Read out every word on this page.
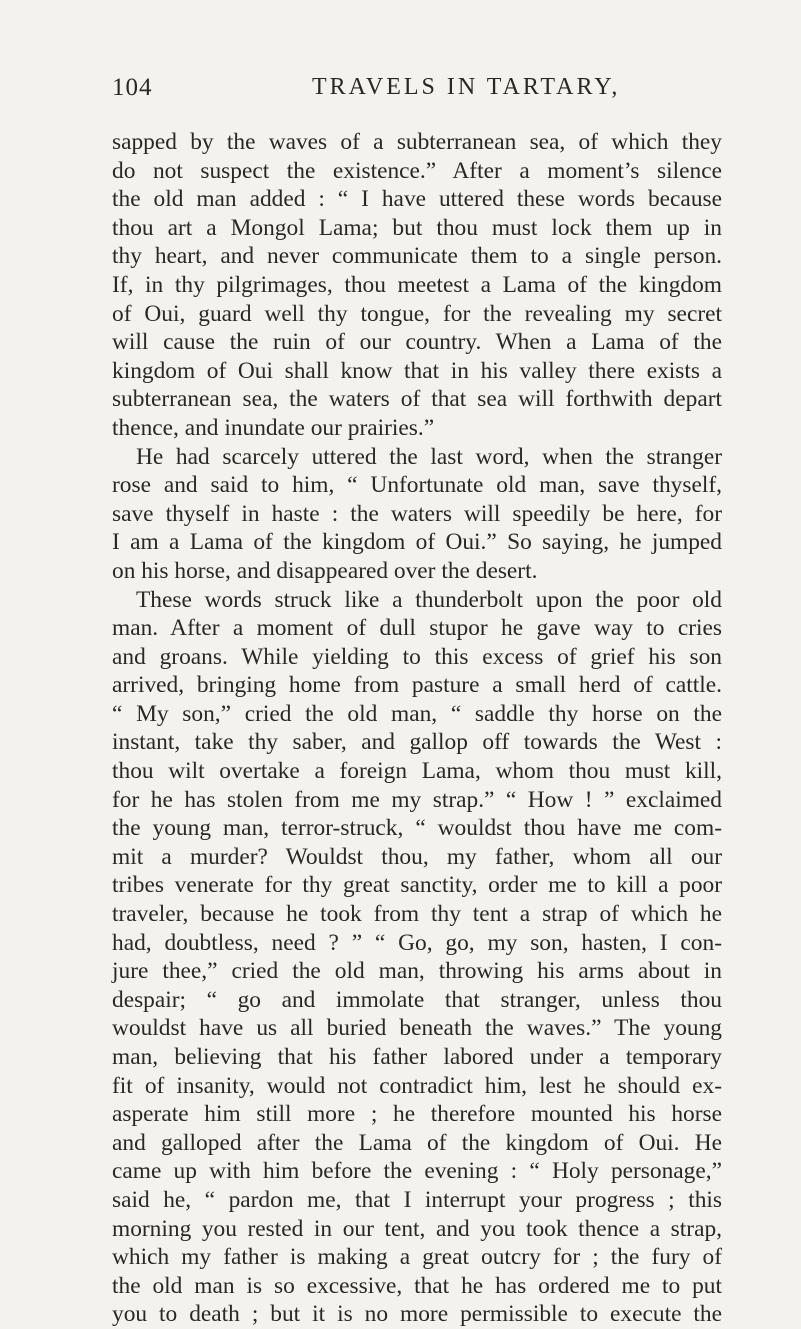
104	TRAVELS IN TARTARY,
sapped by the waves of a subterranean sea, of which they
do not suspect the existence.” After a moment’s silence
the old man added : “ I have uttered these words because
thou art a Mongol Lama; but thou must lock them up in
thy heart, and never communicate them to a single person.
If, in thy pilgrimages, thou meetest a Lama of the kingdom
of Oui, guard well thy tongue, for the revealing my secret
will cause the ruin of our country. When a Lama of the
kingdom of Oui shall know that in his valley there exists a
subterranean sea, the waters of that sea will forthwith depart
thence, and inundate our prairies.”
He had scarcely uttered the last word, when the stranger
rose and said to him, “ Unfortunate old man, save thyself,
save thyself in haste : the waters will speedily be here, for
I am a Lama of the kingdom of Oui.” So saying, he jumped
on his horse, and disappeared over the desert.
These words struck like a thunderbolt upon the poor old
man. After a moment of dull stupor he gave way to cries
and groans. While yielding to this excess of grief his son
arrived, bringing home from pasture a small herd of cattle.
“ My son,” cried the old man, “ saddle thy horse on the
instant, take thy saber, and gallop off towards the West :
thou wilt overtake a foreign Lama, whom thou must kill,
for he has stolen from me my strap.” “ How ! ” exclaimed
the young man, terror-struck, “ wouldst thou have me com-
mit a murder? Wouldst thou, my father, whom all our
tribes venerate for thy great sanctity, order me to kill a poor
traveler, because he took from thy tent a strap of which he
had, doubtless, need ? ” “ Go, go, my son, hasten, I con-
jure thee,” cried the old man, throwing his arms about in
despair; “ go and immolate that stranger, unless thou
wouldst have us all buried beneath the waves.” The young
man, believing that his father labored under a temporary
fit of insanity, would not contradict him, lest he should ex-
asperate him still more ; he therefore mounted his horse
and galloped after the Lama of the kingdom of Oui. He
came up with him before the evening : “ Holy personage,”
said he, “ pardon me, that I interrupt your progress ; this
morning you rested in our tent, and you took thence a strap,
which my father is making a great outcry for ; the fury of
the old man is so excessive, that he has ordered me to put
you to death ; but it is no more permissible to execute the
